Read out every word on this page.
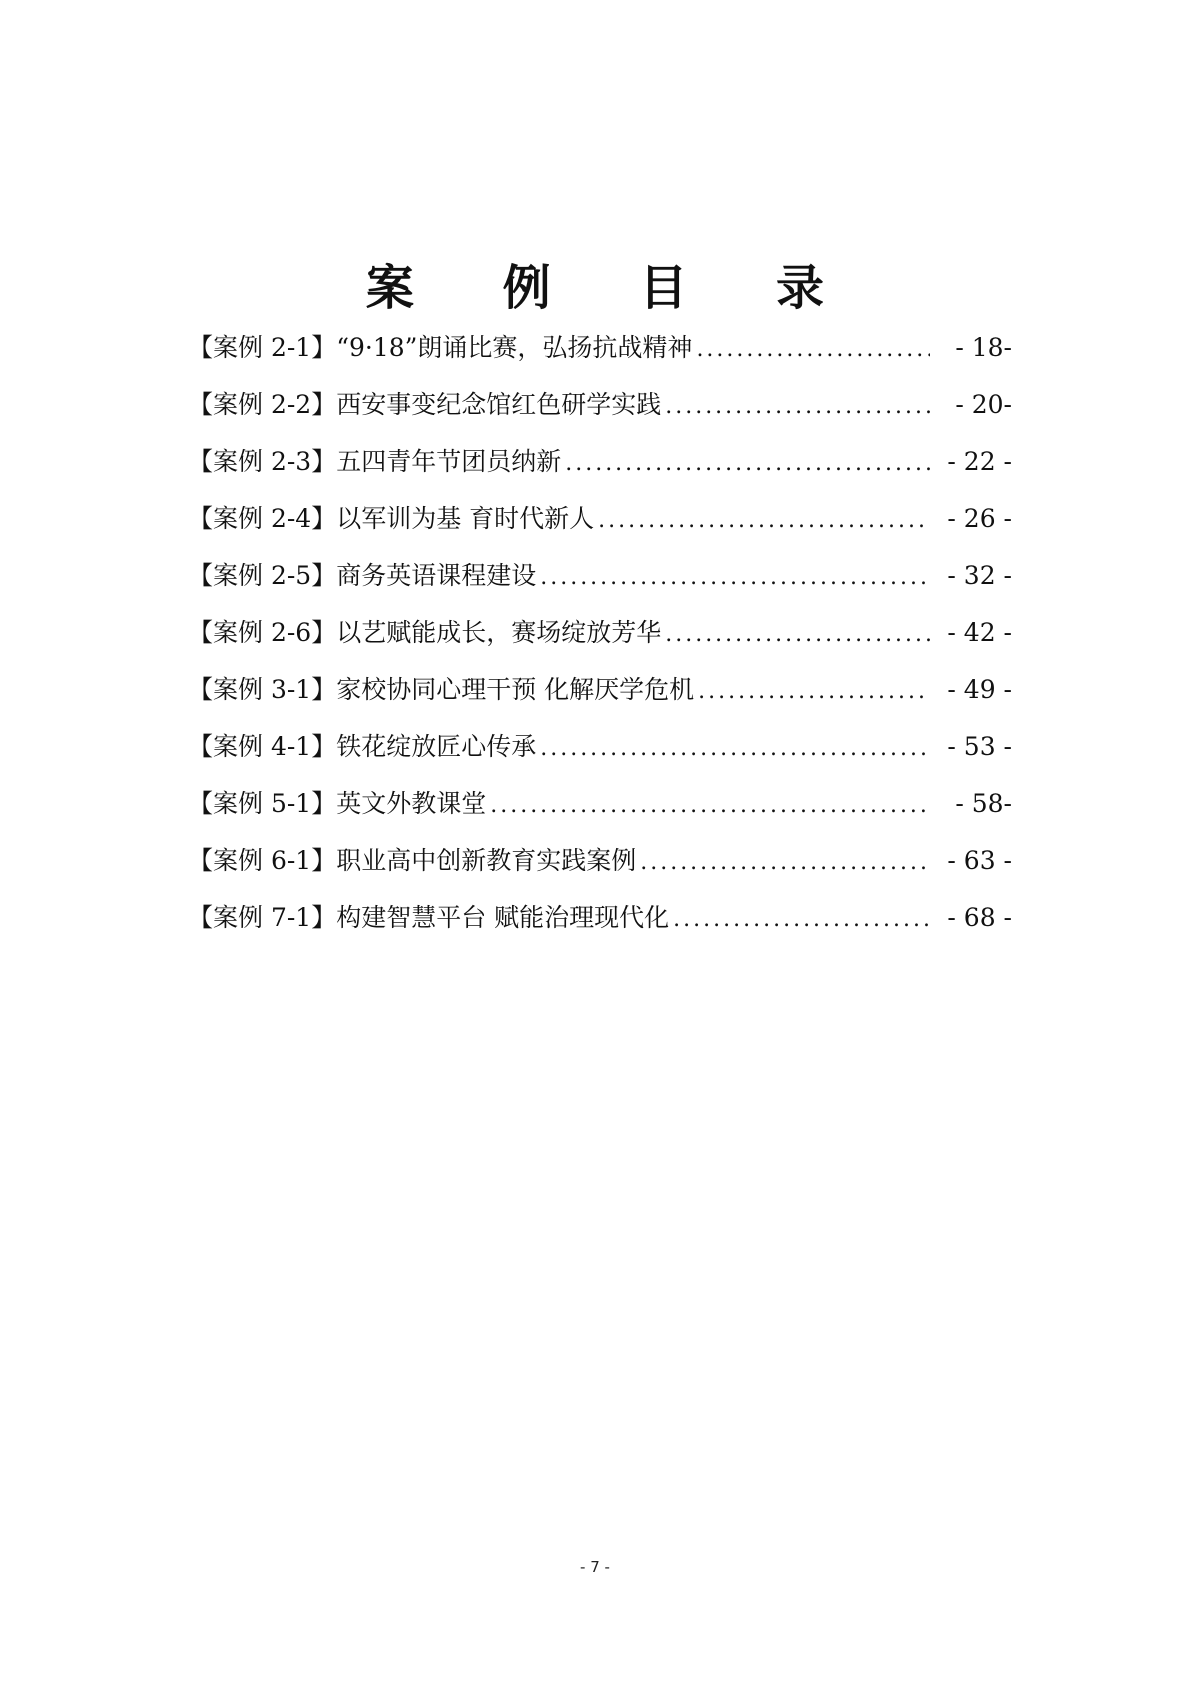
案 例 目 录
【案例 2-1】“9·18”朗诵比赛，弘扬抗战精神 .....	- 18-
【案例 2-2】西安事变纪念馆红色研学实践 .....	- 20-
【案例 2-3】五四青年节团员纳新 .....	- 22 -
【案例 2-4】以军训为基 育时代新人 .....	- 26 -
【案例 2-5】商务英语课程建设 .....	- 32 -
【案例 2-6】以艺赋能成长，赛场绽放芳华 .....	- 42 -
【案例 3-1】家校协同心理干预 化解厌学危机 .....	- 49 -
【案例 4-1】铁花绽放匠心传承 .....	- 53 -
【案例 5-1】英文外教课堂 .....	- 58-
【案例 6-1】职业高中创新教育实践案例 .....	- 63 -
【案例 7-1】构建智慧平台 赋能治理现代化 .....	- 68 -
- 7 -
